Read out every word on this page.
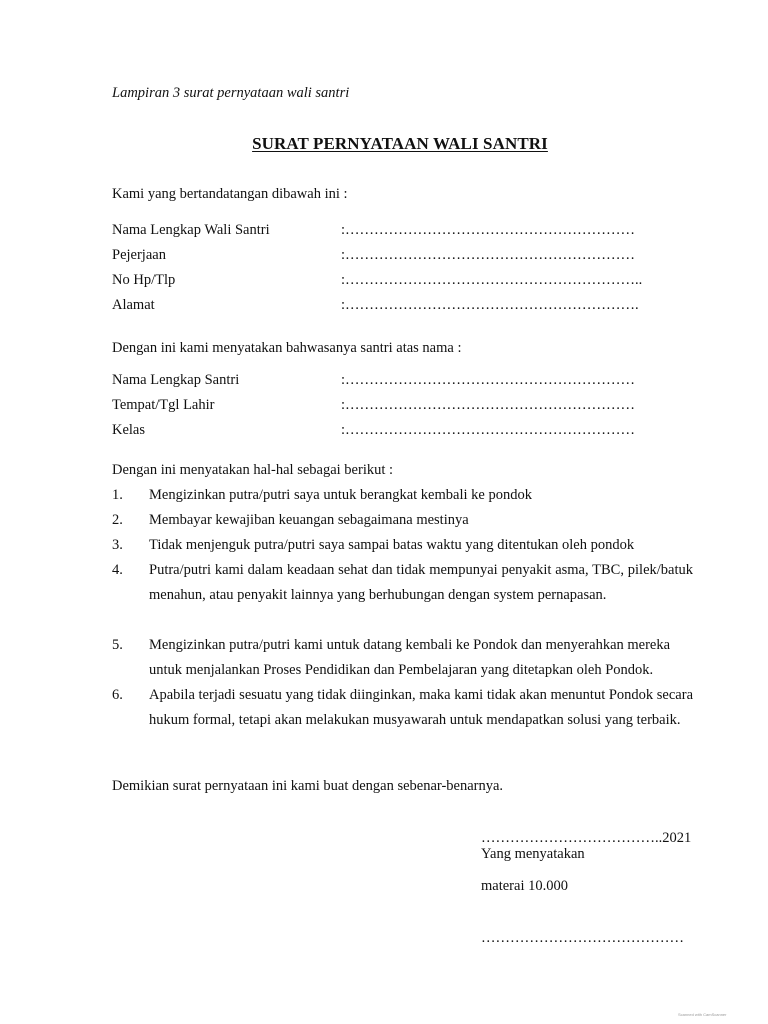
Lampiran 3 surat pernyataan wali santri
SURAT PERNYATAAN WALI SANTRI
Kami yang bertandatangan dibawah ini :
Nama Lengkap Wali Santri	:……………………………………………………
Pejerjaan	:……………………………………………………
No Hp/Tlp	:……………………………………………………..
Alamat	:…………………………………………………….
Dengan ini kami menyatakan bahwasanya santri atas nama :
Nama Lengkap Santri	:……………………………………………………
Tempat/Tgl Lahir	:……………………………………………………
Kelas	:……………………………………………………
Dengan ini menyatakan hal-hal sebagai berikut :
1. Mengizinkan putra/putri saya untuk berangkat kembali ke pondok
2. Membayar kewajiban keuangan sebagaimana mestinya
3. Tidak menjenguk putra/putri saya sampai batas waktu yang ditentukan oleh pondok
4. Putra/putri kami dalam keadaan sehat dan tidak mempunyai penyakit asma, TBC, pilek/batuk menahun, atau penyakit lainnya yang berhubungan dengan system pernapasan.
5. Mengizinkan putra/putri kami untuk datang kembali ke Pondok dan menyerahkan mereka untuk menjalankan Proses Pendidikan dan Pembelajaran yang ditetapkan oleh Pondok.
6. Apabila terjadi sesuatu yang tidak diinginkan, maka kami tidak akan menuntut Pondok secara hukum formal, tetapi akan melakukan musyawarah untuk mendapatkan solusi yang terbaik.
Demikian surat pernyataan ini kami buat dengan sebenar-benarnya.
………………………………..2021
Yang menyatakan
materai 10.000
……………………………………
Scanned with CamScanner
